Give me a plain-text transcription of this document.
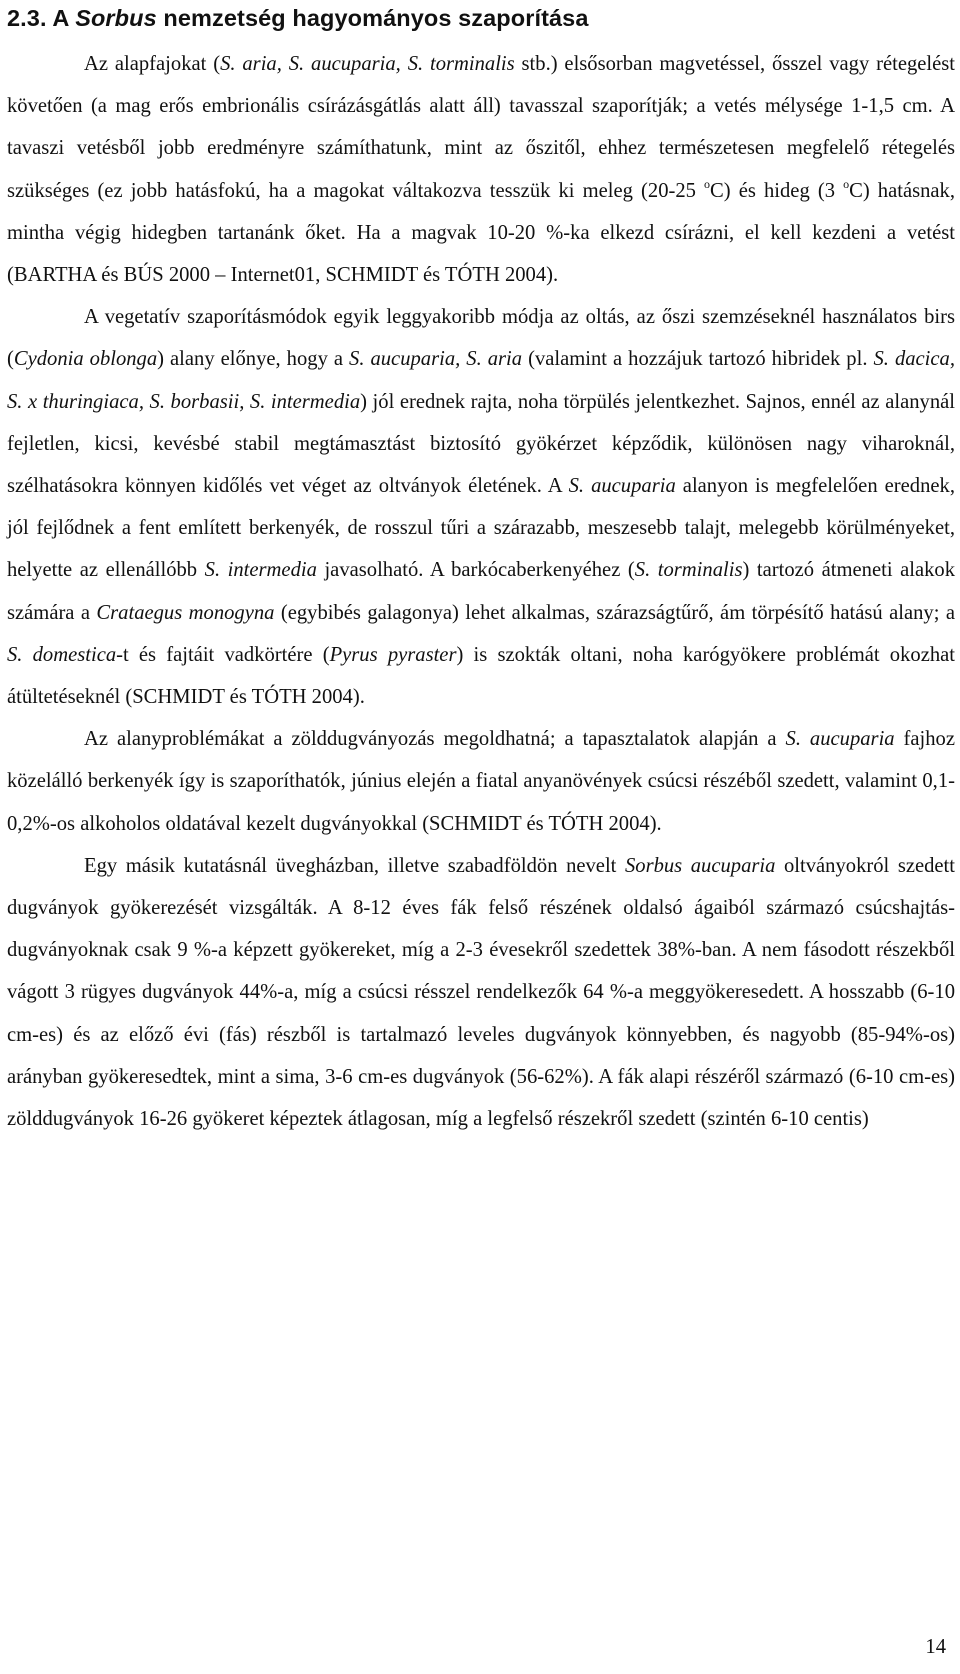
2.3. A Sorbus nemzetség hagyományos szaporítása

Az alapfajokat (S. aria, S. aucuparia, S. torminalis stb.) elsősorban magvetéssel, ősszel vagy rétegelést követően (a mag erős embrionális csírázásgátlás alatt áll) tavasszal szaporítják; a vetés mélysége 1-1,5 cm. A tavaszi vetésből jobb eredményre számíthatunk, mint az őszitől, ehhez természetesen megfelelő rétegelés szükséges (ez jobb hatásfokú, ha a magokat váltakozva tesszük ki meleg (20-25 $^o$C) és hideg (3 $^o$C) hatásnak, mintha végig hidegben tartanánk őket. Ha a magvak 10-20 %-ka elkezd csírázni, el kell kezdeni a vetést (BARTHA és BÚS 2000 – Internet01, SCHMIDT és TÓTH 2004).

A vegetatív szaporításmódok egyik leggyakoribb módja az oltás, az őszi szemzéseknél használatos birs (Cydonia oblonga) alany előnye, hogy a S. aucuparia, S. aria (valamint a hozzájuk tartozó hibridek pl. S. dacica, S. x thuringiaca, S. borbasii, S. intermedia) jól erednek rajta, noha törpülés jelentkezhet. Sajnos, ennél az alanynál fejletlen, kicsi, kevésbé stabil megtámasztást biztosító gyökérzet képződik, különösen nagy viharoknál, szélhatásokra könnyen kidőlés vet véget az oltványok életének. A S. aucuparia alanyon is megfelelően erednek, jól fejlődnek a fent említett berkenyék, de rosszul tűri a szárazabb, meszesebb talajt, melegebb körülményeket, helyette az ellenállóbb S. intermedia javasolható. A barkócaberkenyéhez (S. torminalis) tartozó átmeneti alakok számára a Crataegus monogyna (egybibés galagonya) lehet alkalmas, szárazságtűrő, ám törpésítő hatású alany; a S. domestica-t és fajtáit vadkörtére (Pyrus pyraster) is szokták oltani, noha karógyökere problémát okozhat átültetéseknél (SCHMIDT és TÓTH 2004).

Az alanyproblémákat a zölddugványozás megoldhatná; a tapasztalatok alapján a S. aucuparia fajhoz közelálló berkenyék így is szaporíthatók, június elején a fiatal anyanövények csúcsi részéből szedett, valamint 0,1-0,2%-os alkoholos oldatával kezelt dugványokkal (SCHMIDT és TÓTH 2004).

Egy másik kutatásnál üvegházban, illetve szabadföldön nevelt Sorbus aucuparia oltványokról szedett dugványok gyökerezését vizsgálták. A 8-12 éves fák felső részének oldalsó ágaiból származó csúcshajtás-dugványoknak csak 9 %-a képzett gyökereket, míg a 2-3 évesekről szedettek 38%-ban. A nem fásodott részekből vágott 3 rügyes dugványok 44%-a, míg a csúcsi résszel rendelkezők 64 %-a meggyökeresedett. A hosszabb (6-10 cm-es) és az előző évi (fás) részből is tartalmazó leveles dugványok könnyebben, és nagyobb (85-94%-os) arányban gyökeresedtek, mint a sima, 3-6 cm-es dugványok (56-62%). A fák alapi részéről származó (6-10 cm-es) zölddugványok 16-26 gyökeret képeztek átlagosan, míg a legfelső részekről szedett (szintén 6-10 centis)

14
